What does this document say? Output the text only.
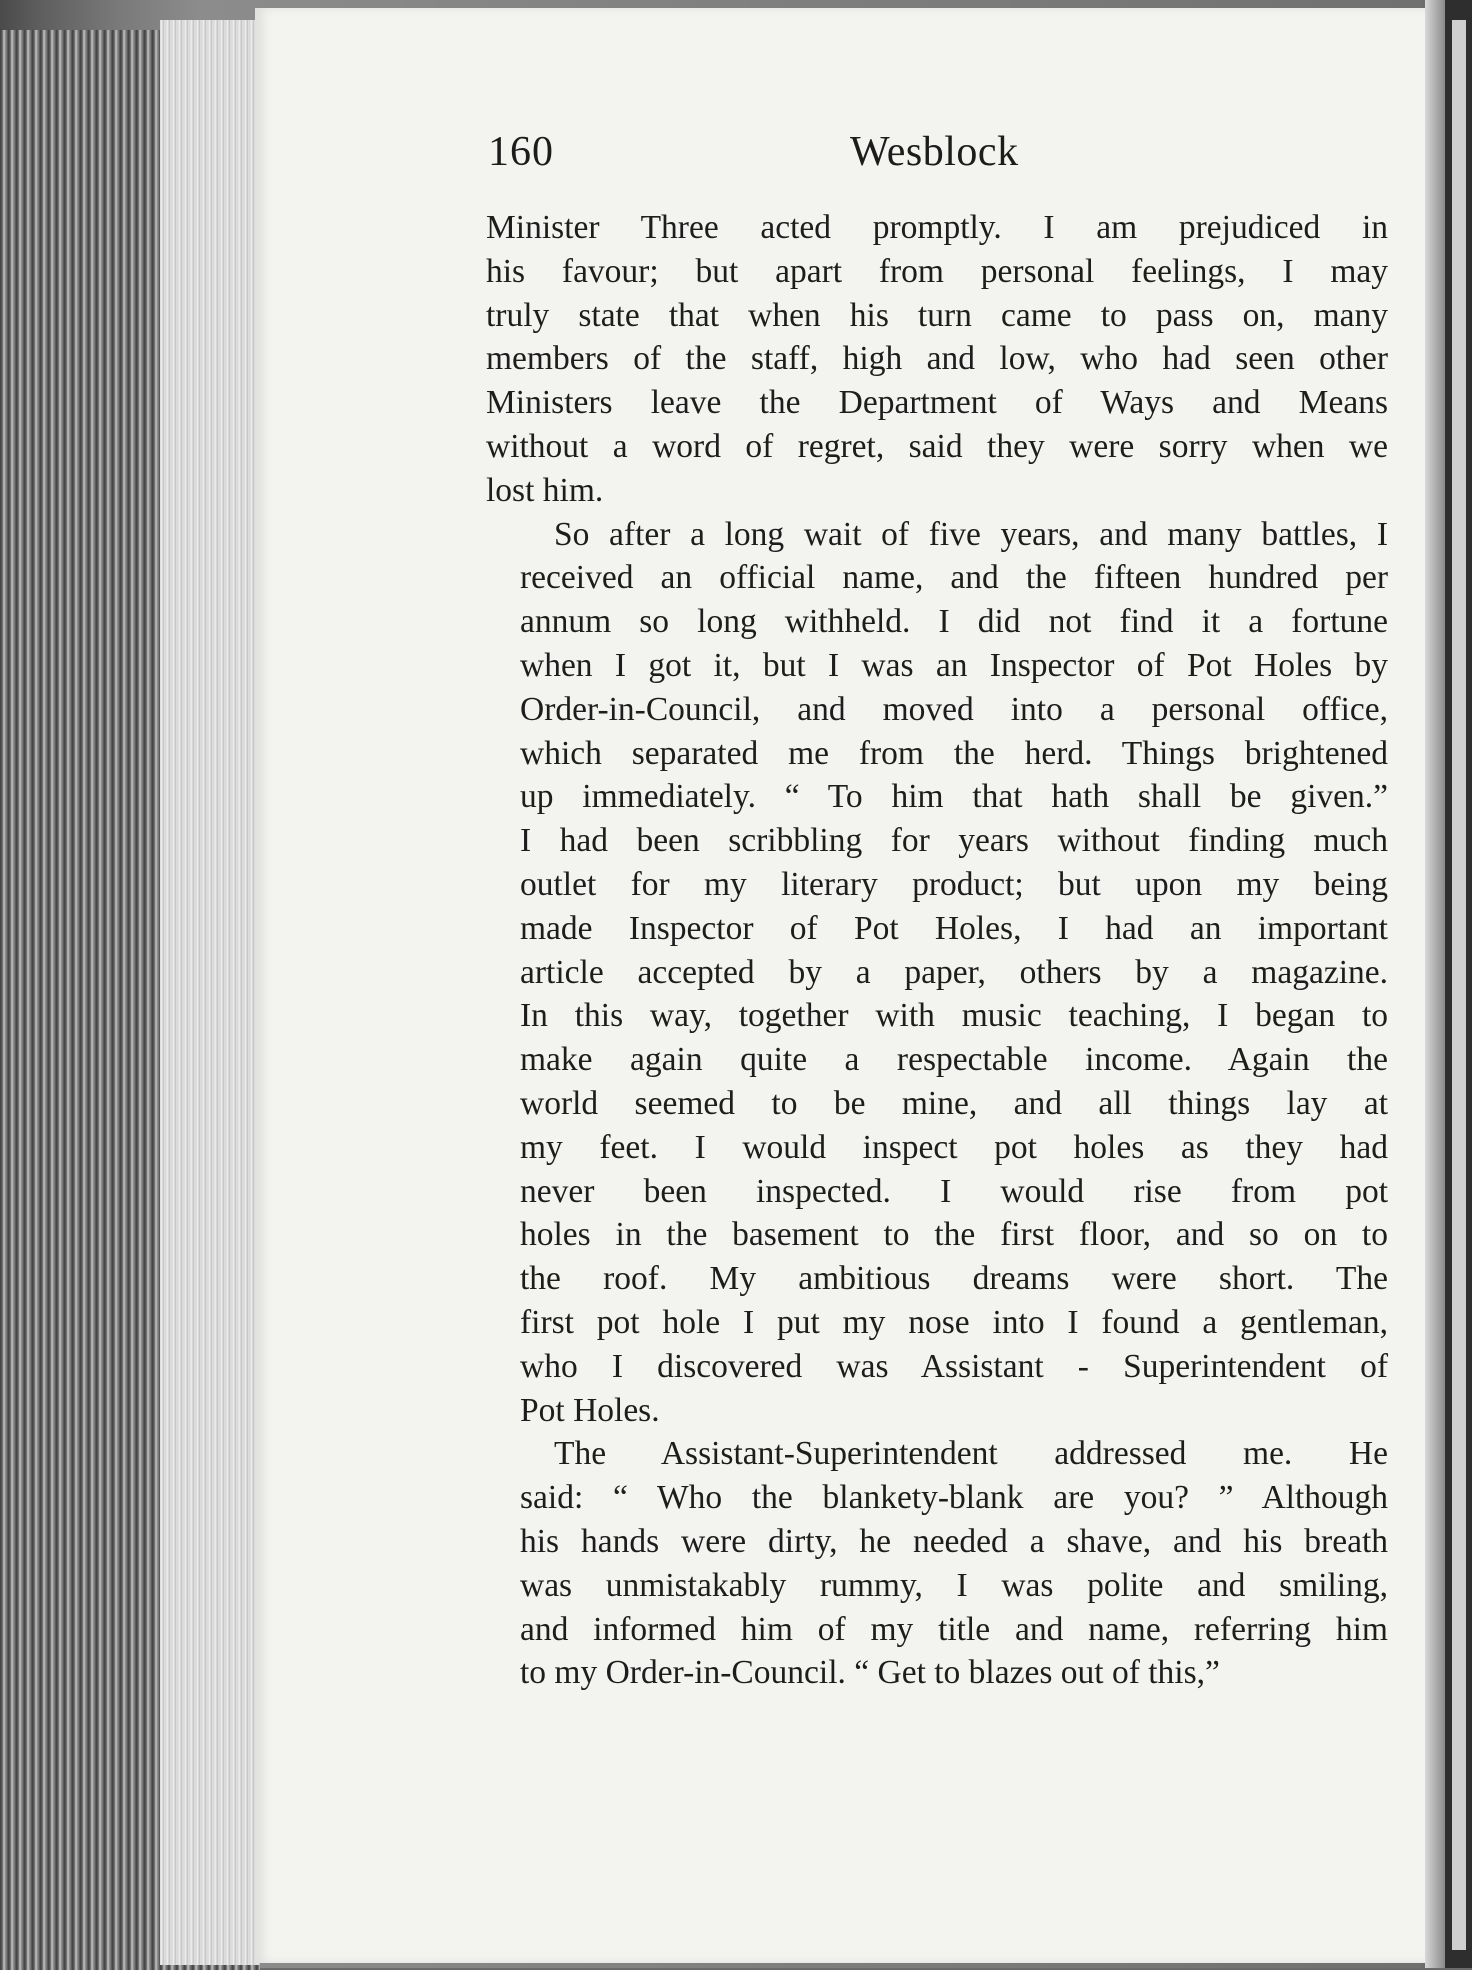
160	Wesblock
Minister Three acted promptly. I am prejudiced in
his favour; but apart from personal feelings, I may
truly state that when his turn came to pass on, many
members of the staff, high and low, who had seen other
Ministers leave the Department of Ways and Means
without a word of regret, said they were sorry when we
lost him.
So after a long wait of five years, and many battles, I
received an official name, and the fifteen hundred per
annum so long withheld. I did not find it a fortune
when I got it, but I was an Inspector of Pot Holes by
Order-in-Council, and moved into a personal office,
which separated me from the herd. Things brightened
up immediately. “ To him that hath shall be given.”
I had been scribbling for years without finding much
outlet for my literary product; but upon my being
made Inspector of Pot Holes, I had an important
article accepted by a paper, others by a magazine.
In this way, together with music teaching, I began to
make again quite a respectable income. Again the
world seemed to be mine, and all things lay at
my feet. I would inspect pot holes as they had
never been inspected. I would rise from pot
holes in the basement to the first floor, and so on to
the roof. My ambitious dreams were short. The
first pot hole I put my nose into I found a gentleman,
who I discovered was Assistant - Superintendent of
Pot Holes.
The Assistant-Superintendent addressed me. He
said: “ Who the blankety-blank are you? ” Although
his hands were dirty, he needed a shave, and his breath
was unmistakably rummy, I was polite and smiling,
and informed him of my title and name, referring him
to my Order-in-Council. “ Get to blazes out of this,”
